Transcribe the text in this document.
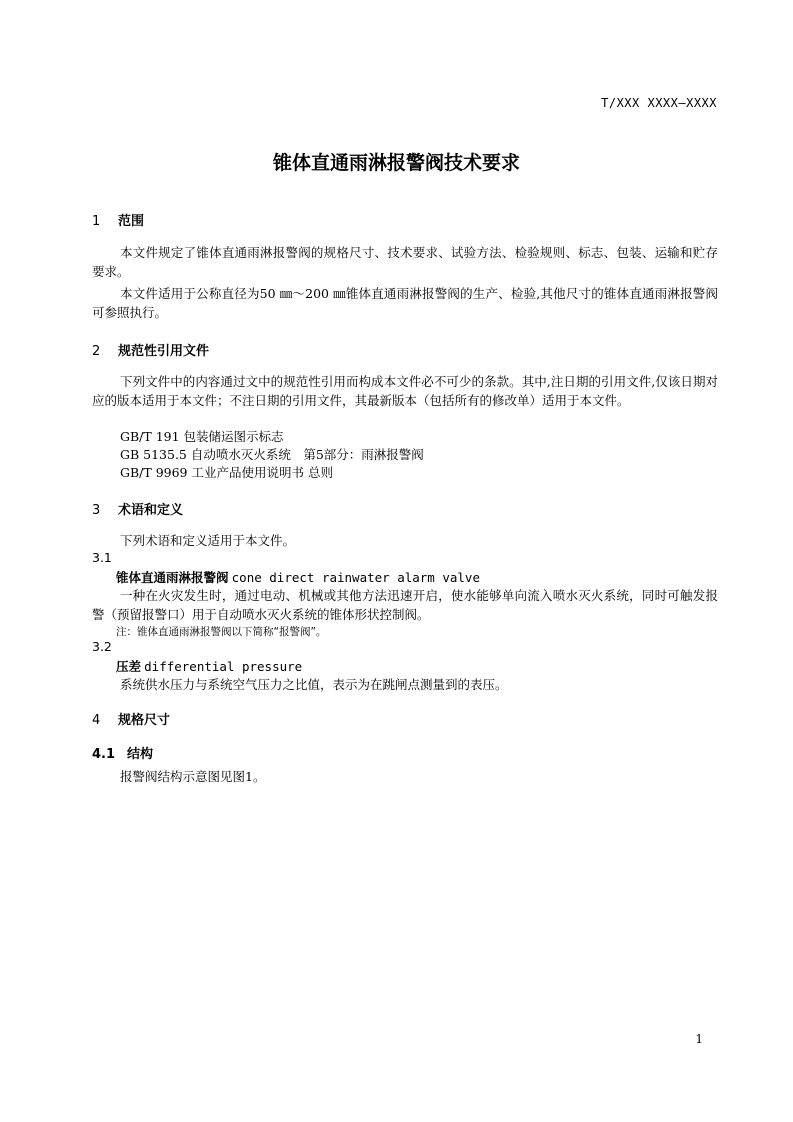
T/XXX XXXX—XXXX
锥体直通雨淋报警阀技术要求
1 范围
本文件规定了锥体直通雨淋报警阀的规格尺寸、技术要求、试验方法、检验规则、标志、包装、运输和贮存要求。
本文件适用于公称直径为50 ㎜～200 ㎜锥体直通雨淋报警阀的生产、检验,其他尺寸的锥体直通雨淋报警阀可参照执行。
2 规范性引用文件
下列文件中的内容通过文中的规范性引用而构成本文件必不可少的条款。其中,注日期的引用文件,仅该日期对应的版本适用于本文件；不注日期的引用文件，其最新版本（包括所有的修改单）适用于本文件。
GB/T 191 包装储运图示标志
GB 5135.5 自动喷水灭火系统　第5部分：雨淋报警阀
GB/T 9969 工业产品使用说明书 总则
3 术语和定义
下列术语和定义适用于本文件。
3.1
锥体直通雨淋报警阀 cone direct rainwater alarm valve
一种在火灾发生时，通过电动、机械或其他方法迅速开启，使水能够单向流入喷水灭火系统，同时可触发报警（预留报警口）用于自动喷水灭火系统的锥体形状控制阀。
注：锥体直通雨淋报警阀以下简称“报警阀”。
3.2
压差 differential pressure
系统供水压力与系统空气压力之比值，表示为在跳闸点测量到的表压。
4 规格尺寸
4.1 结构
报警阀结构示意图见图1。
1
